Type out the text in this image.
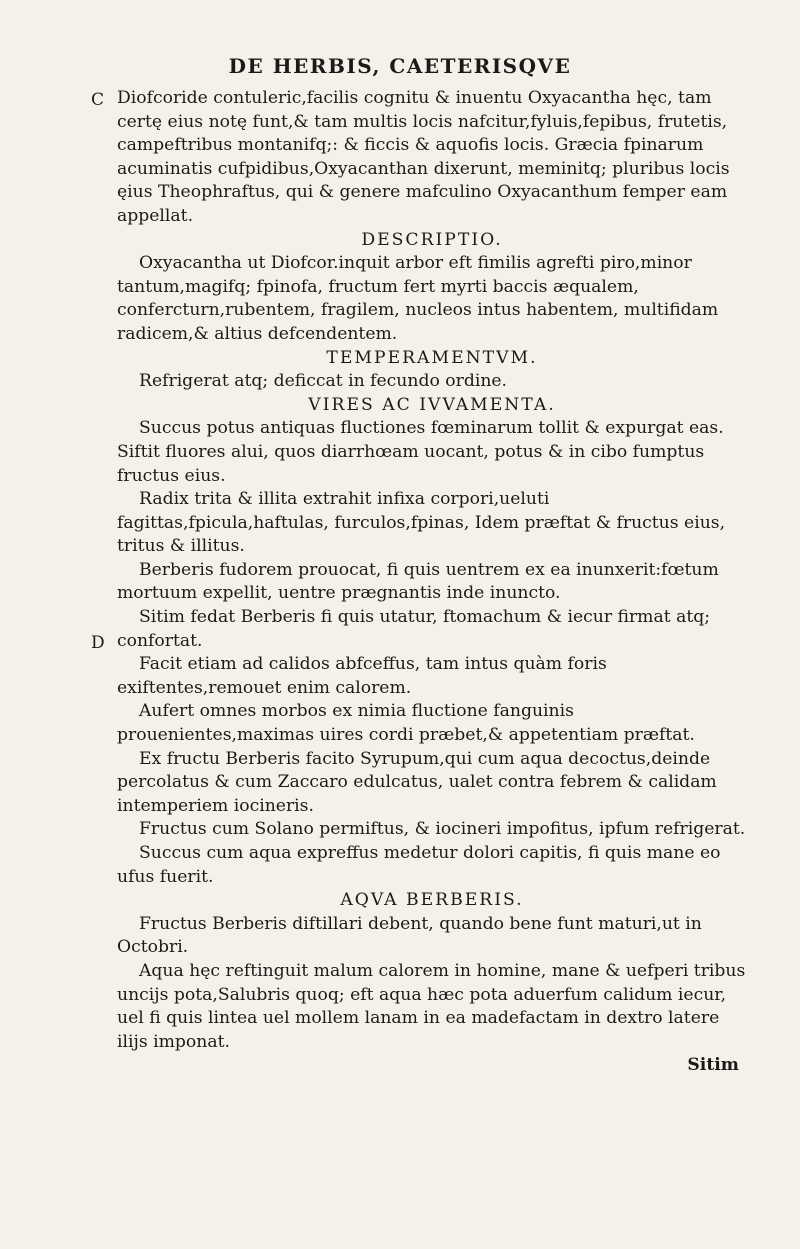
DE HERBIS, CAETERISQVE
C
D
Diofcoride contuleric,facilis cognitu & inuentu Oxyacantha hęc, tam certę eius notę funt,& tam multis locis nafcitur,fyluis,fepibus, frutetis, campeftribus montanifq;: & ficcis & aquofis locis. Græcia fpinarum acuminatis cufpidibus,Oxyacanthan dixerunt, meminitq; pluribus locis ęius Theophraftus, qui & genere mafculino Oxyacanthum femper eam appellat.
DESCRIPTIO.
Oxyacantha ut Diofcor.inquit arbor eft fimilis agrefti piro,minor tantum,magifq; fpinofa, fructum fert myrti baccis æqualem, confercturn,rubentem, fragilem, nucleos intus habentem, multifidam radicem,& altius defcendentem.
TEMPERAMENTVM.
Refrigerat atq; deficcat in fecundo ordine.
VIRES AC IVVAMENTA.
Succus potus antiquas fluctiones fœminarum tollit & expurgat eas. Siftit fluores alui, quos diarrhœam uocant, potus & in cibo fumptus fructus eius.
Radix trita & illita extrahit infixa corpori,ueluti fagittas,fpicula,haftulas, furculos,fpinas, Idem præftat & fructus eius, tritus & illitus.
Berberis fudorem prouocat, fi quis uentrem ex ea inunxerit:fœtum mortuum expellit, uentre prægnantis inde inuncto.
Sitim fedat Berberis fi quis utatur, ftomachum & iecur firmat atq; confortat.
Facit etiam ad calidos abfceffus, tam intus quàm foris exiftentes,remouet enim calorem.
Aufert omnes morbos ex nimia fluctione fanguinis prouenientes,maximas uires cordi præbet,& appetentiam præftat.
Ex fructu Berberis facito Syrupum,qui cum aqua decoctus,deinde percolatus & cum Zaccaro edulcatus, ualet contra febrem & calidam intemperiem iocineris.
Fructus cum Solano permiftus, & iocineri impofitus, ipfum refrigerat.
Succus cum aqua expreffus medetur dolori capitis, fi quis mane eo ufus fuerit.
AQVA BERBERIS.
Fructus Berberis diftillari debent, quando bene funt maturi,ut in Octobri.
Aqua hęc reftinguit malum calorem in homine, mane & uefperi tribus uncijs pota,Salubris quoq; eft aqua hæc pota aduerfum calidum iecur, uel fi quis lintea uel mollem lanam in ea madefactam in dextro latere ilijs imponat.
Sitim
